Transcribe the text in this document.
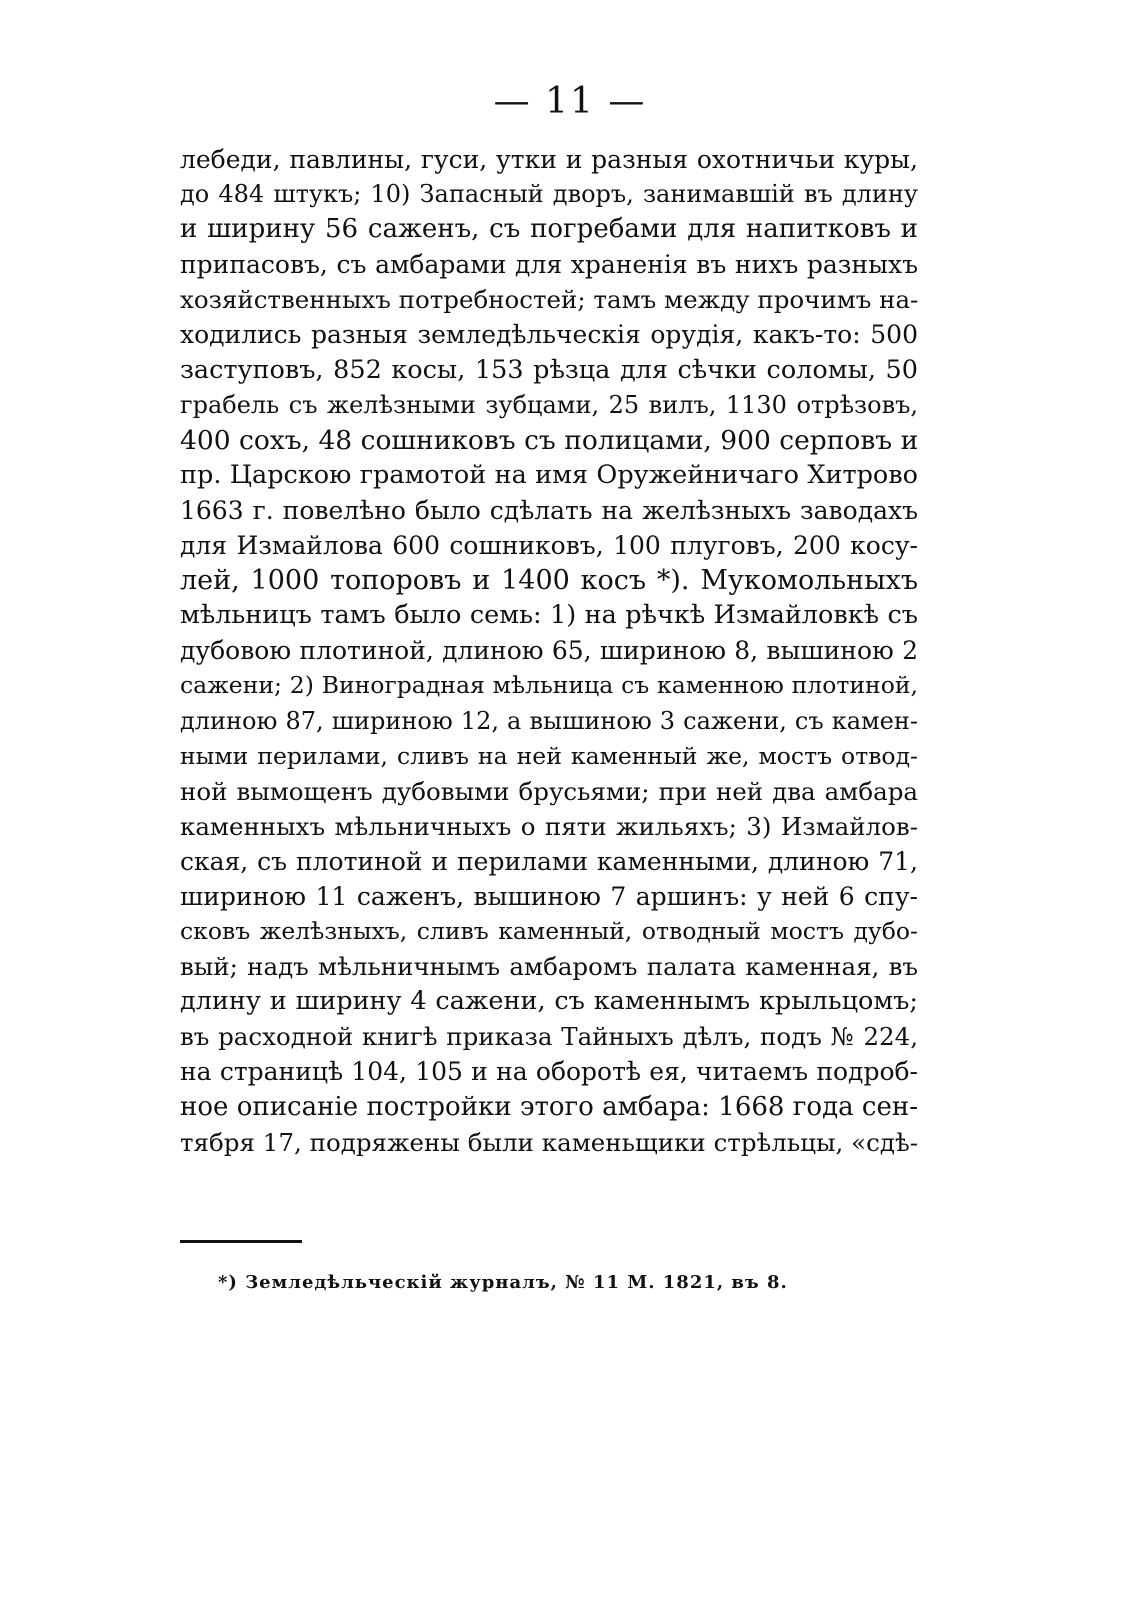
— 11 —
лебеди, павлины, гуси, утки и разныя охотничьи куры,
до 484 штукъ; 10) Запасный дворъ, занимавшiй въ длину
и ширину 56 саженъ, съ погребами для напитковъ и
припасовъ, съ амбарами для храненiя въ нихъ разныхъ
хозяйственныхъ потребностей; тамъ между прочимъ на-
ходились разныя земледѣльческiя орудiя, какъ-то: 500
заступовъ, 852 косы, 153 рѣзца для сѣчки соломы, 50
грабель съ желѣзными зубцами, 25 вилъ, 1130 отрѣзовъ,
400 сохъ, 48 сошниковъ съ полицами, 900 серповъ и
пр. Царскою грамотой на имя Оружейничаго Хитрово
1663 г. повелѣно было сдѣлать на желѣзныхъ заводахъ
для Измайлова 600 сошниковъ, 100 плуговъ, 200 косу-
лей, 1000 топоровъ и 1400 косъ *). Мукомольныхъ
мѣльницъ тамъ было семь: 1) на рѣчкѣ Измайловкѣ съ
дубовою плотиной, длиною 65, шириною 8, вышиною 2
сажени; 2) Виноградная мѣльница съ каменною плотиной,
длиною 87, шириною 12, а вышиною 3 сажени, съ камен-
ными перилами, сливъ на ней каменный же, мостъ отвод-
ной вымощенъ дубовыми брусьями; при ней два амбара
каменныхъ мѣльничныхъ о пяти жильяхъ; 3) Измайлов-
ская, съ плотиной и перилами каменными, длиною 71,
шириною 11 саженъ, вышиною 7 аршинъ: у ней 6 спу-
сковъ желѣзныхъ, сливъ каменный, отводный мостъ дубо-
вый; надъ мѣльничнымъ амбаромъ палата каменная, въ
длину и ширину 4 сажени, съ каменнымъ крыльцомъ;
въ расходной книгѣ приказа Тайныхъ дѣлъ, подъ № 224,
на страницѣ 104, 105 и на оборотѣ ея, читаемъ подроб-
ное описанiе постройки этого амбара: 1668 года сен-
тября 17, подряжены были каменьщики стрѣльцы, «сдѣ-
*) Земледѣльческiй журналъ, № 11 М. 1821, въ 8.
